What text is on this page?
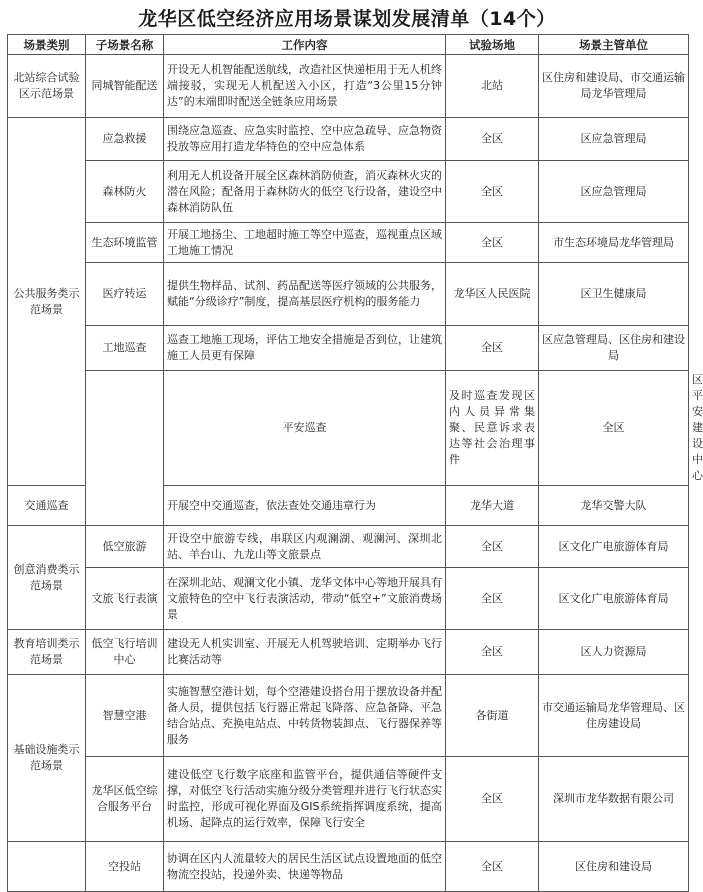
龙华区低空经济应用场景谋划发展清单（14个）
场景类别	子场景名称	工作内容	试验场地	场景主管单位	
北站综合试验区示范场景	同城智能配送	开设无人机智能配送航线，改造社区快递柜用于无人机终端接驳，实现无人机配送入小区，打造“3公里15分钟达”的末端即时配送全链条应用场景	北站	区住房和建设局、市交通运输局龙华管理局	
公共服务类示范场景	应急救援	围绕应急巡查、应急实时监控、空中应急疏导、应急物资投放等应用打造龙华特色的空中应急体系	全区	区应急管理局	
	森林防火	利用无人机设备开展全区森林消防侦查，消灭森林火灾的潜在风险；配备用于森林防火的低空飞行设备，建设空中森林消防队伍	全区	区应急管理局	
	生态环境监管	开展工地扬尘、工地超时施工等空中巡查，巡视重点区域工地施工情况	全区	市生态环境局龙华管理局	
	医疗转运	提供生物样品、试剂、药品配送等医疗领域的公共服务，赋能“分级诊疗”制度，提高基层医疗机构的服务能力	龙华区人民医院	区卫生健康局	
	工地巡查	巡查工地施工现场，评估工地安全措施是否到位，让建筑施工人员更有保障	全区	区应急管理局、区住房和建设局	
		平安巡查	及时巡查发现区内人员异常集聚、民意诉求表达等社会治理事件	全区	区平安建设中心
交通巡查		开展空中交通巡查，依法查处交通违章行为	龙华大道	龙华交警大队	
创意消费类示范场景	低空旅游	开设空中旅游专线，串联区内观澜湖、观澜河、深圳北站、羊台山、九龙山等文旅景点	全区	区文化广电旅游体育局	
	文旅飞行表演	在深圳北站、观澜文化小镇、龙华文体中心等地开展具有文旅特色的空中飞行表演活动，带动“低空+”文旅消费场景	全区	区文化广电旅游体育局	
教育培训类示范场景	低空飞行培训中心	建设无人机实训室、开展无人机驾驶培训、定期举办飞行比赛活动等	全区	区人力资源局	
基础设施类示范场景	智慧空港	实施智慧空港计划，每个空港建设搭台用于摆放设备并配备人员，提供包括飞行器正常起飞降落、应急备降、平急结合站点、充换电站点、中转货物装卸点、飞行器保养等服务	各街道	市交通运输局龙华管理局、区住房建设局	
	龙华区低空综合服务平台	建设低空飞行数字底座和监管平台，提供通信等硬件支撑，对低空飞行活动实施分级分类管理并进行飞行状态实时监控，形成可视化界面及GIS系统指挥调度系统，提高机场、起降点的运行效率，保障飞行安全	全区	深圳市龙华数据有限公司	
	空投站	协调在区内人流量较大的居民生活区试点设置地面的低空物流空投站，投递外卖、快递等物品	全区	区住房和建设局	
